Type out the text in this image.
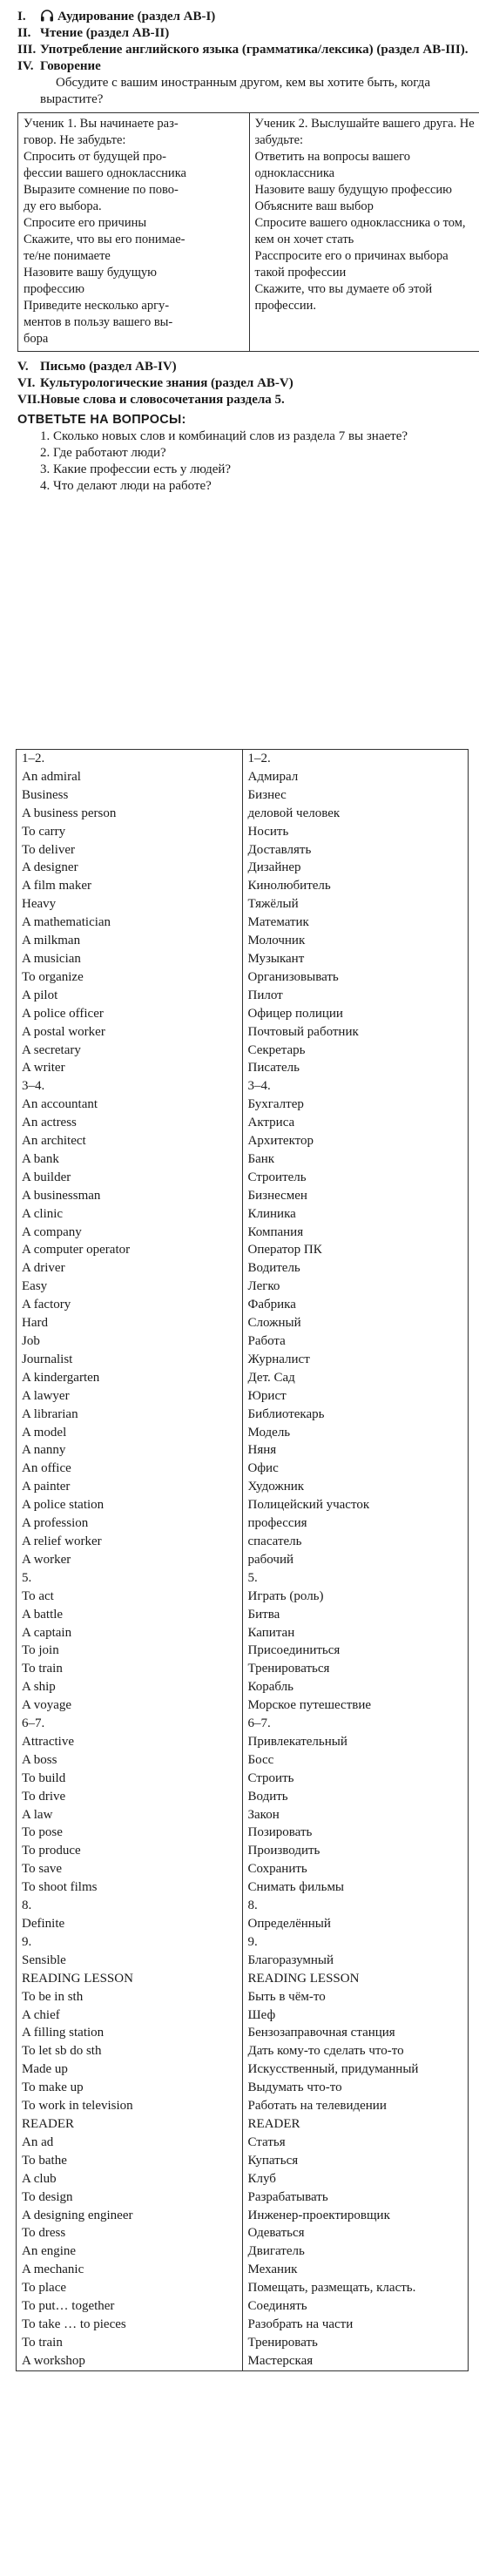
I. Аудирование (раздел АВ-I)

II. Чтение (раздел АВ-II)

III. Употребление английского языка (грамматика/лексика) (раздел АВ-III).

IV. Говорение

Обсудите с вашим иностранным другом, кем вы хотите быть, когда вырастите?

Ученик 1. Вы начинаете раз-
говор. Не забудьте:
Спросить от будущей про-
фессии вашего одноклассника
Выразите сомнение по пово-
ду его выбора.
Спросите его причины
Скажите, что вы его понимае-
те/не понимаете
Назовите вашу будущую
профессию
Приведите несколько аргу-
ментов в пользу вашего вы-
бора

Ученик 2. Выслушайте вашего друга. Не забудьте:
Ответить на вопросы вашего одноклассника
Назовите вашу будущую профессию
Объясните ваш выбор
Спросите вашего одноклассника о том, кем он хочет стать
Расспросите его о причинах выбора такой профессии
Скажите, что вы думаете об этой профессии.

V. Письмо (раздел АВ-IV)

VI. Культурологические знания (раздел АВ-V)

VII.Новые слова и словосочетания раздела 5.

ОТВЕТЬТЕ НА ВОПРОСЫ:
1. Сколько новых слов и комбинаций слов из раздела 7 вы знаете?
2. Где работают люди?
3. Какие профессии есть у людей?
4. Что делают люди на работе?
1–2.	1–2.
An admiral	Адмирал
Business	Бизнес
A business person	деловой человек
To carry	Носить
To deliver	Доставлять
A designer	Дизайнер
A film maker	Кинолюбитель
Heavy	Тяжёлый
A mathematician	Математик
A milkman	Молочник
A musician	Музыкант
To organize	Организовывать
A pilot	Пилот
A police officer	Офицер полиции
A postal worker	Почтовый работник
A secretary	Секретарь
A writer	Писатель
3–4.	3–4.
An accountant	Бухгалтер
An actress	Актриса
An architect	Архитектор
A bank	Банк
A builder	Строитель
A businessman	Бизнесмен
A clinic	Клиника
A company	Компания
A computer operator	Оператор ПК
A driver	Водитель
Easy	Легко
A factory	Фабрика
Hard	Сложный
Job	Работа
Journalist	Журналист
A kindergarten	Дет. Сад
A lawyer	Юрист
A librarian	Библиотекарь
A model	Модель
A nanny	Няня
An office	Офис
A painter	Художник
A police station	Полицейский участок
A profession	профессия
A relief worker	спасатель
A worker	рабочий
5.	5.
To act	Играть (роль)
A battle	Битва
A captain	Капитан
To join	Присоединиться
To train	Тренироваться
A ship	Корабль
A voyage	Морское путешествие
6–7.	6–7.
Attractive	Привлекательный
A boss	Босс
To build	Строить
To drive	Водить
A law	Закон
To pose	Позировать
To produce	Производить
To save	Сохранить
To shoot films	Снимать фильмы
8.	8.
Definite	Определённый
9.	9.
Sensible	Благоразумный
READING LESSON	READING LESSON
To be in sth	Быть в чём-то
A chief	Шеф
A filling station	Бензозаправочная станция
To let sb do sth	Дать кому-то сделать что-то
Made up	Искусственный, придуманный
To make up	Выдумать что-то
To work in television	Работать на телевидении
READER	READER
An ad	Статья
To bathe	Купаться
A club	Клуб
To design	Разрабатывать
A designing engineer	Инженер-проектировщик
To dress	Одеваться
An engine	Двигатель
A mechanic	Механик
To place	Помещать, размещать, класть.
To put… together	Соединять
To take … to pieces	Разобрать на части
To train	Тренировать
A workshop	Мастерская
